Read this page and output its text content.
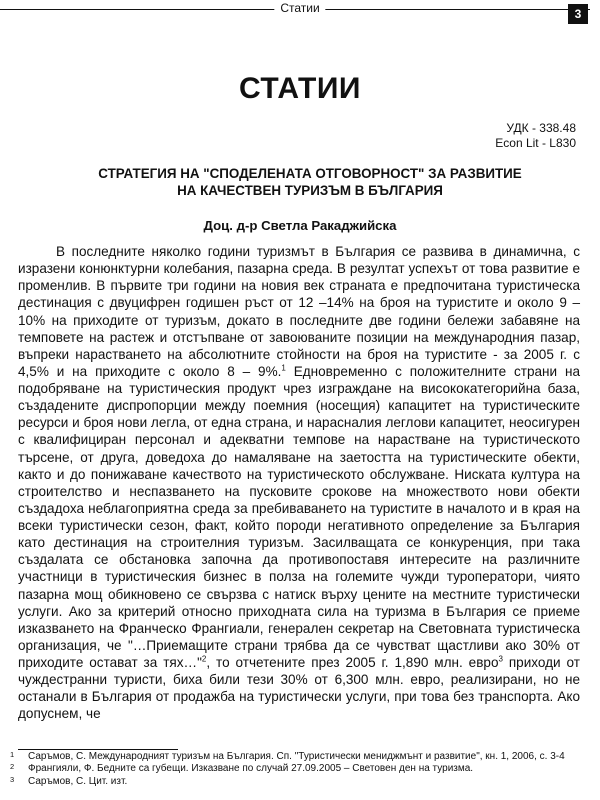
Статии	3
СТАТИИ
УДК - 338.48
Econ Lit - L830
СТРАТЕГИЯ НА "СПОДЕЛЕНАТА ОТГОВОРНОСТ" ЗА РАЗВИТИЕ
НА КАЧЕСТВЕН ТУРИЗЪМ В БЪЛГАРИЯ
Доц. д-р Светла Ракаджийска

В последните няколко години туризмът в България се развива в динамична, с изразени конюнктурни колебания, пазарна среда. В резултат успехът от това развитие е променлив. В първите три години на новия век страната е предпочитана туристическа дестинация с двуцифрен годишен ръст от 12 –14% на броя на туристите и около 9 – 10% на приходите от туризъм, докато в последните две години бележи забавяне на темповете на растеж и отстъпване от завоюваните позиции на международния пазар, въпреки нарастването на абсолютните стойности на броя на туристите - за 2005 г. с 4,5% и на приходите с около 8 – 9%.$^1$ Едновременно с положителните страни на подобряване на туристическия продукт чрез изграждане на висококатегорийна база, създадените диспропорции между поемния (носещия) капацитет на туристическите ресурси и броя нови легла, от една страна, и нарасналия леглови капацитет, неосигурен с квалифициран персонал и адекватни темпове на нарастване на туристическото търсене, от друга, доведоха до намаляване на заетостта на туристическите обекти, както и до понижаване качеството на туристическото обслужване. Ниската култура на строителство и неспазването на пусковите срокове на множеството нови обекти създадоха неблагоприятна среда за пребиваването на туристите в началото и в края на всеки туристически сезон, факт, който породи негативното определение за България като дестинация на строителния туризъм. Засилващата се конкуренция, при така създалата се обстановка започна да противопоставя интересите на различните участници в туристическия бизнес в полза на големите чужди туроператори, чиято пазарна мощ обикновено се свързва с натиск върху цените на местните туристически услуги. Ако за критерий относно приходната сила на туризма в България се приеме изказването на Франческо Франгиали, генерален секретар на Световната туристическа организация, че "…Приемащите страни трябва да се чувстват щастливи ако 30% от приходите остават за тях…"$^2$, то отчетените през 2005 г. 1,890 млн. евро$^3$ приходи от чуждестранни туристи, биха били тези 30% от 6,300 млн. евро, реализирани, но не останали в България от продажба на туристически услуги, при това без транспорта. Ако допуснем, че

1 Саръмов, С. Международният туризъм на България. Сп. "Туристически мениджмънт и развитие", кн. 1, 2006, с. 3-4
2 Франгияли, Ф. Бедните са губещи. Изказване по случай 27.09.2005 – Световен ден на туризма.
3 Саръмов, С. Цит. изт.
